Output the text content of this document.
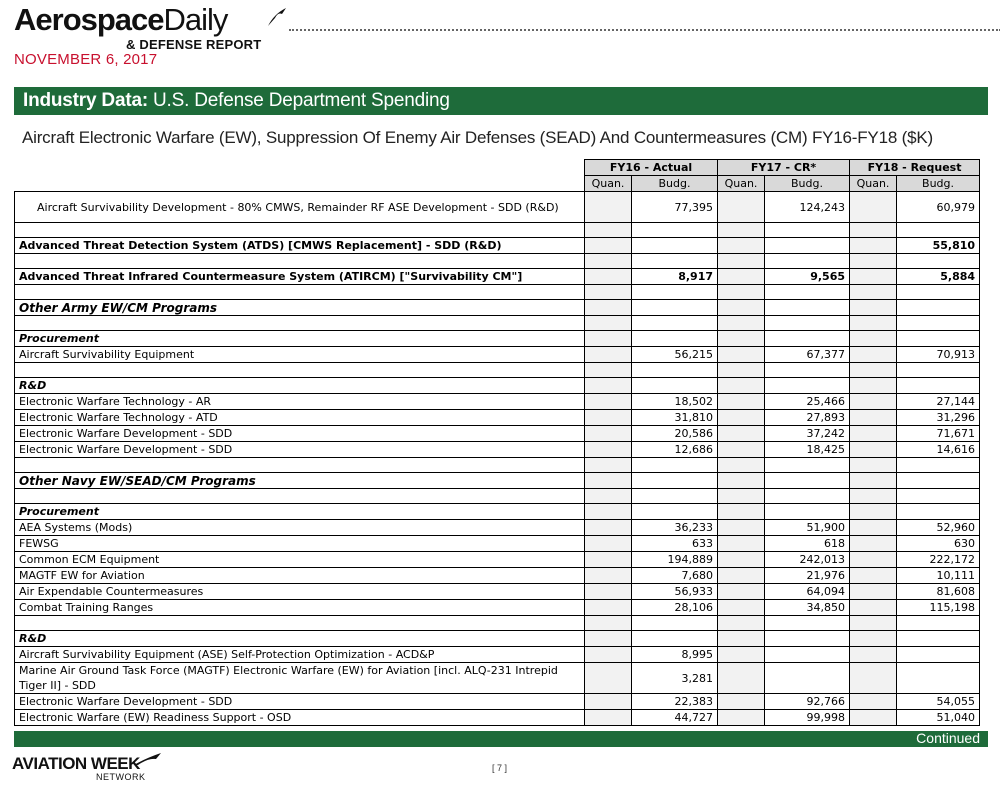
AerospaceDaily
& DEFENSE REPORT
NOVEMBER 6, 2017
Industry Data: U.S. Defense Department Spending
Aircraft Electronic Warfare (EW), Suppression Of Enemy Air Defenses (SEAD) And Countermeasures (CM) FY16-FY18 ($K)
	FY16 - Actual		FY17 - CR*		FY18 - Request	
	Quan.	Budg.	Quan.	Budg.	Quan.	Budg.
Aircraft Survivability Development - 80% CMWS, Remainder RF ASE Development - SDD (R&D)		77,395		124,243		60,979

Advanced Threat Detection System (ATDS) [CMWS Replacement] - SDD (R&D)						55,810

Advanced Threat Infrared Countermeasure System (ATIRCM) ["Survivability CM"]		8,917		9,565		5,884

Other Army EW/CM Programs						

Procurement						
Aircraft Survivability Equipment		56,215		67,377		70,913

R&D						
Electronic Warfare Technology - AR		18,502		25,466		27,144
Electronic Warfare Technology - ATD		31,810		27,893		31,296
Electronic Warfare Development - SDD		20,586		37,242		71,671
Electronic Warfare Development - SDD		12,686		18,425		14,616

Other Navy EW/SEAD/CM Programs						

Procurement						
AEA Systems (Mods)		36,233		51,900		52,960
FEWSG		633		618		630
Common ECM Equipment		194,889		242,013		222,172
MAGTF EW for Aviation		7,680		21,976		10,111
Air Expendable Countermeasures		56,933		64,094		81,608
Combat Training Ranges		28,106		34,850		115,198

R&D						
Aircraft Survivability Equipment (ASE) Self-Protection Optimization - ACD&P		8,995				
Marine Air Ground Task Force (MAGTF) Electronic Warfare (EW) for Aviation [incl. ALQ-231 Intrepid Tiger II] - SDD		3,281				
Electronic Warfare Development - SDD		22,383		92,766		54,055
Electronic Warfare (EW) Readiness Support - OSD		44,727		99,998		51,040
Continued
AVIATION WEEK
NETWORK
[ 7 ]
